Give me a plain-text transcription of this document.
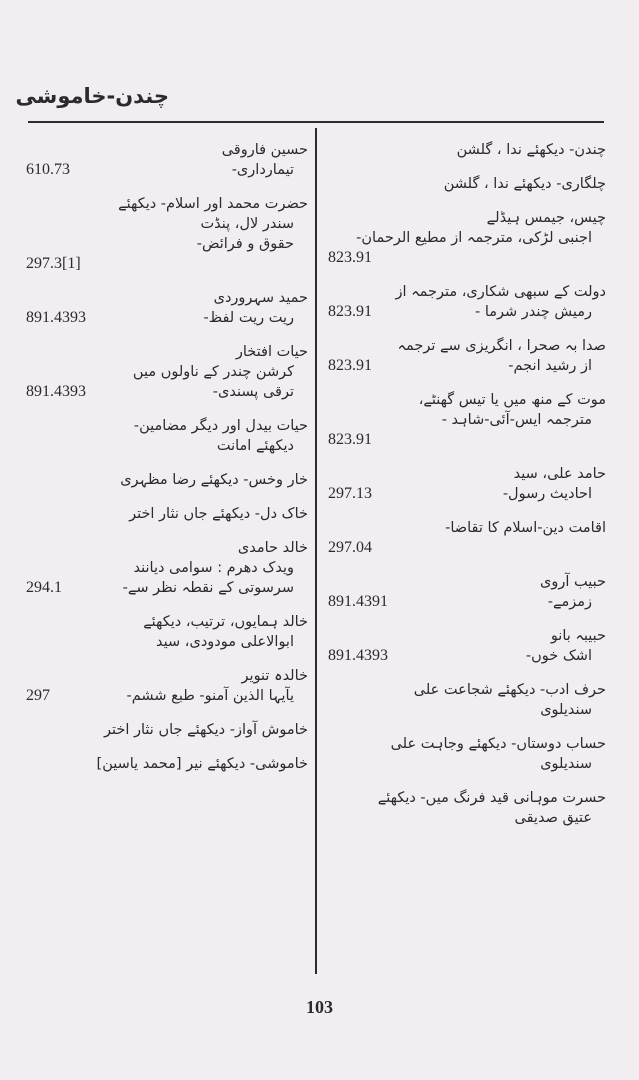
چندن-خاموشی
چندن- دیکھئے ندا ، گلشن
چلگاری- دیکھئے ندا ، گلشن
چیس، جیمس ہیڈلے
اجنبی لڑکی، مترجمہ از مطیع الرحمان-
823.91
دولت کے سبھی شکاری، مترجمہ از
رمیش چندر شرما -
823.91
صدا بہ صحرا ، انگریزی سے ترجمہ
از رشید انجم-
823.91
موت کے منھ میں یا تیس گھنٹے،
مترجمہ ایس-آئی-شاہد -
823.91
حامد علی، سید
احادیث رسول-
297.13
اقامت دین-اسلام کا تقاضا-
297.04
حبیب آروی
زمزمے-
891.4391
حبیبہ بانو
اشک خوں-
891.4393
حرف ادب- دیکھئے شجاعت علی
سندیلوی
حساب دوستاں- دیکھئے وجاہت علی
سندیلوی
حسرت موہانی قید فرنگ میں- دیکھئے
عتیق صدیقی
حسین فاروقی
تیمارداری-
610.73
حضرت محمد اور اسلام- دیکھئے
سندر لال، پنڈت
حقوق و فرائض-
297.3[1]
حمید سہروردی
ریت ریت لفظ-
891.4393
حیات افتخار
کرشن چندر کے ناولوں میں
ترقی پسندی-
891.4393
حیات بیدل اور دیگر مضامین-
دیکھئے امانت
خار وخس- دیکھئے رضا مظہری
خاک دل- دیکھئے جاں نثار اختر
خالد حامدی
ویدک دھرم : سوامی دیانند
سرسوتی کے نقطہ نظر سے-
294.1
خالد ہمایوں، ترتیب، دیکھئے
ابوالاعلی مودودی، سید
خالدہ تنویر
یآیہا الذین آمنو- طبع ششم-
297
خاموش آواز- دیکھئے جاں نثار اختر
خاموشی- دیکھئے نیر [محمد یاسین]
103
